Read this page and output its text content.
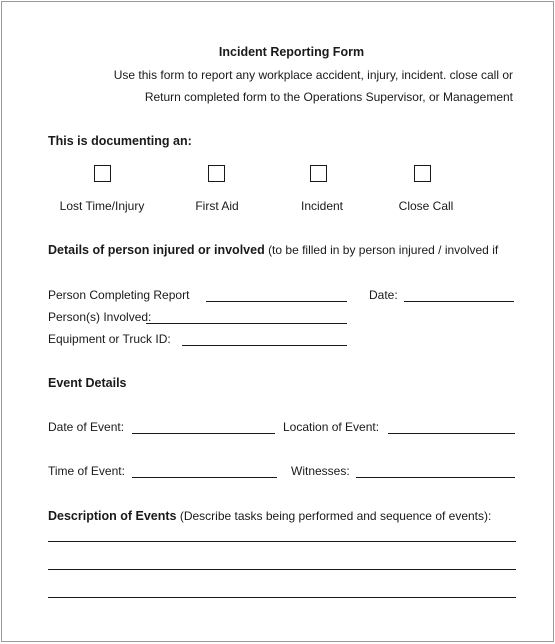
Incident Reporting Form
Use this form to report any workplace accident, injury, incident. close call or
Return completed form to the Operations Supervisor, or Management
This is documenting an:
Lost Time/Injury	First Aid	Incident	Close Call
Details of person injured or involved (to be filled in by person injured / involved if
Person Completing Report	Date:
Person(s) Involved:
Equipment or Truck ID:
Event Details
Date of Event:	Location of Event:
Time of Event:	Witnesses:
Description of Events (Describe tasks being performed and sequence of events):
